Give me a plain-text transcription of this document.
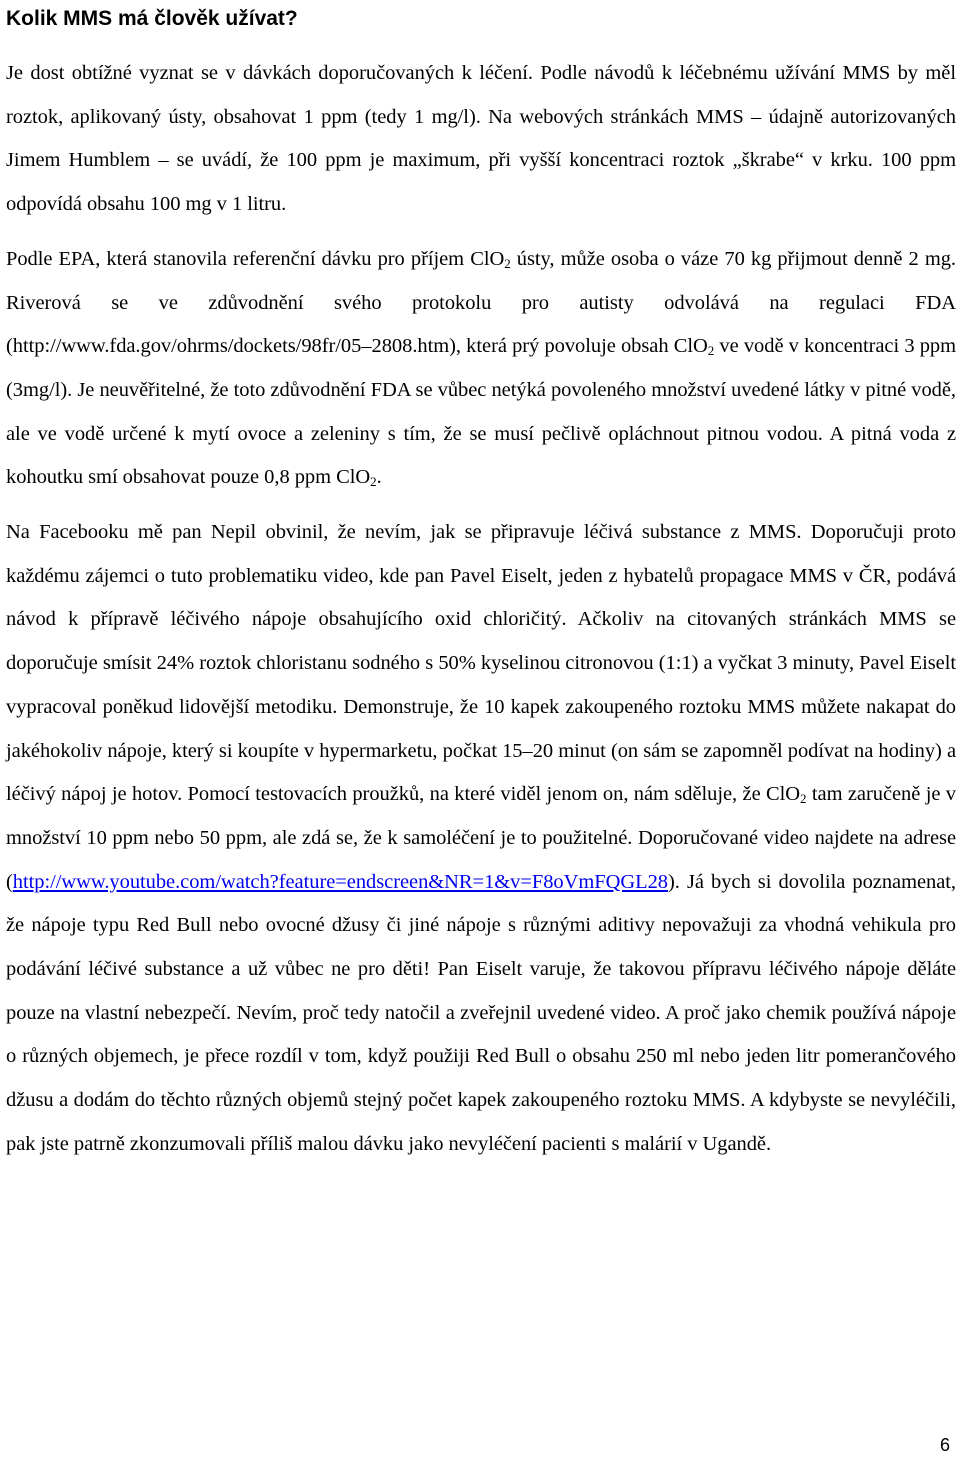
Kolik MMS má člověk užívat?

Je dost obtížné vyznat se v dávkách doporučovaných k léčení. Podle návodů k léčebnému užívání MMS by měl roztok, aplikovaný ústy, obsahovat 1 ppm (tedy 1 mg/l). Na webových stránkách MMS – údajně autorizovaných Jimem Humblem – se uvádí, že 100 ppm je maximum, při vyšší koncentraci roztok „škrabe“ v krku. 100 ppm odpovídá obsahu 100 mg v 1 litru.

Podle EPA, která stanovila referenční dávku pro příjem ClO$_2$ ústy, může osoba o váze 70 kg přijmout denně 2 mg. Riverová se ve zdůvodnění svého protokolu pro autisty odvolává na regulaci FDA (http://www.fda.gov/ohrms/dockets/98fr/05–2808.htm), která prý povoluje obsah ClO$_2$ ve vodě v koncentraci 3 ppm (3mg/l). Je neuvěřitelné, že toto zdůvodnění FDA se vůbec netýká povoleného množství uvedené látky v pitné vodě, ale ve vodě určené k mytí ovoce a zeleniny s tím, že se musí pečlivě opláchnout pitnou vodou. A pitná voda z kohoutku smí obsahovat pouze 0,8 ppm ClO$_2$.

Na Facebooku mě pan Nepil obvinil, že nevím, jak se připravuje léčivá substance z MMS. Doporučuji proto každému zájemci o tuto problematiku video, kde pan Pavel Eiselt, jeden z hybatelů propagace MMS v ČR, podává návod k přípravě léčivého nápoje obsahujícího oxid chloričitý. Ačkoliv na citovaných stránkách MMS se doporučuje smísit 24% roztok chloristanu sodného s 50% kyselinou citronovou (1:1) a vyčkat 3 minuty, Pavel Eiselt vypracoval poněkud lidovější metodiku. Demonstruje, že 10 kapek zakoupeného roztoku MMS můžete nakapat do jakéhokoliv nápoje, který si koupíte v hypermarketu, počkat 15–20 minut (on sám se zapomněl podívat na hodiny) a léčivý nápoj je hotov. Pomocí testovacích proužků, na které viděl jenom on, nám sděluje, že ClO$_2$ tam zaručeně je v množství 10 ppm nebo 50 ppm, ale zdá se, že k samoléčení je to použitelné. Doporučované video najdete na adrese (http://www.youtube.com/watch?feature=endscreen&NR=1&v=F8oVmFQGL28). Já bych si dovolila poznamenat, že nápoje typu Red Bull nebo ovocné džusy či jiné nápoje s různými aditivy nepovažuji za vhodná vehikula pro podávání léčivé substance a už vůbec ne pro děti! Pan Eiselt varuje, že takovou přípravu léčivého nápoje děláte pouze na vlastní nebezpečí. Nevím, proč tedy natočil a zveřejnil uvedené video. A proč jako chemik používá nápoje o různých objemech, je přece rozdíl v tom, když použiji Red Bull o obsahu 250 ml nebo jeden litr pomerančového džusu a dodám do těchto různých objemů stejný počet kapek zakoupeného roztoku MMS. A kdybyste se nevyléčili, pak jste patrně zkonzumovali příliš malou dávku jako nevyléčení pacienti s malárií v Ugandě.

6
